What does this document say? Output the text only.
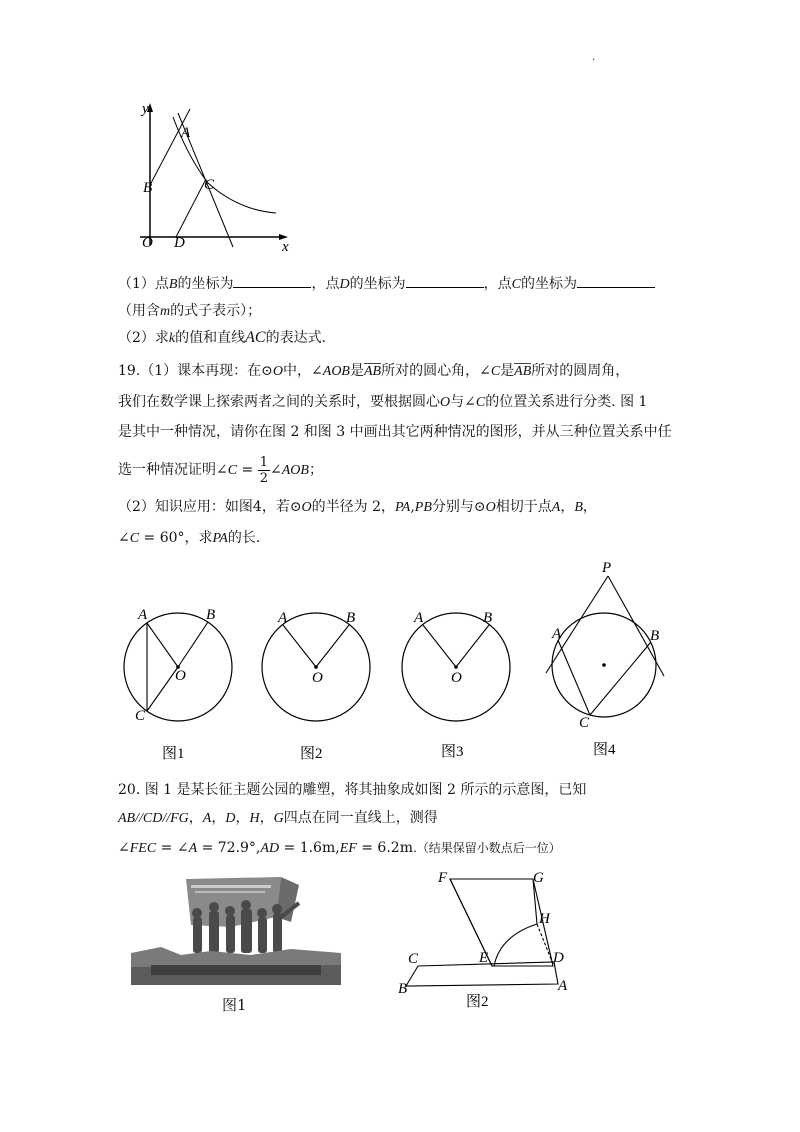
.
y
x
O
A
B	C
D
（1）点B的坐标为	，点D的坐标为	，点C的坐标为
（用含m的式子表示）；
（2）求k的值和直线AC的表达式.
19.（1）课本再现：在⊙O中，∠AOB是AB所对的圆心角，∠C是AB所对的圆周角，
我们在数学课上探索两者之间的关系时，要根据圆心O与∠C的位置关系进行分类. 图 1
是其中一种情况，请你在图 2 和图 3 中画出其它两种情况的图形，并从三种位置关系中任
选一种情况证明∠C = $\frac{1}{2}$ ∠AOB；
（2）知识应用：如图4，若⊙O的半径为 2，PA,PB分别与⊙O相切于点A，B，
∠C = 60°，求PA的长.
A	B
C
O
图1
A	B
O
图2
A	B
O
图3
P
A	B
C
图4
20. 图 1 是某长征主题公园的雕塑，将其抽象成如图 2 所示的示意图，已知
AB//CD//FG，A，D，H，G四点在同一直线上，测得
∠FEC = ∠A = 72.9°,AD = 1.6m,EF = 6.2m.（结果保留小数点后一位）
图1
F	G
H
C	E	D
B	A
图2
